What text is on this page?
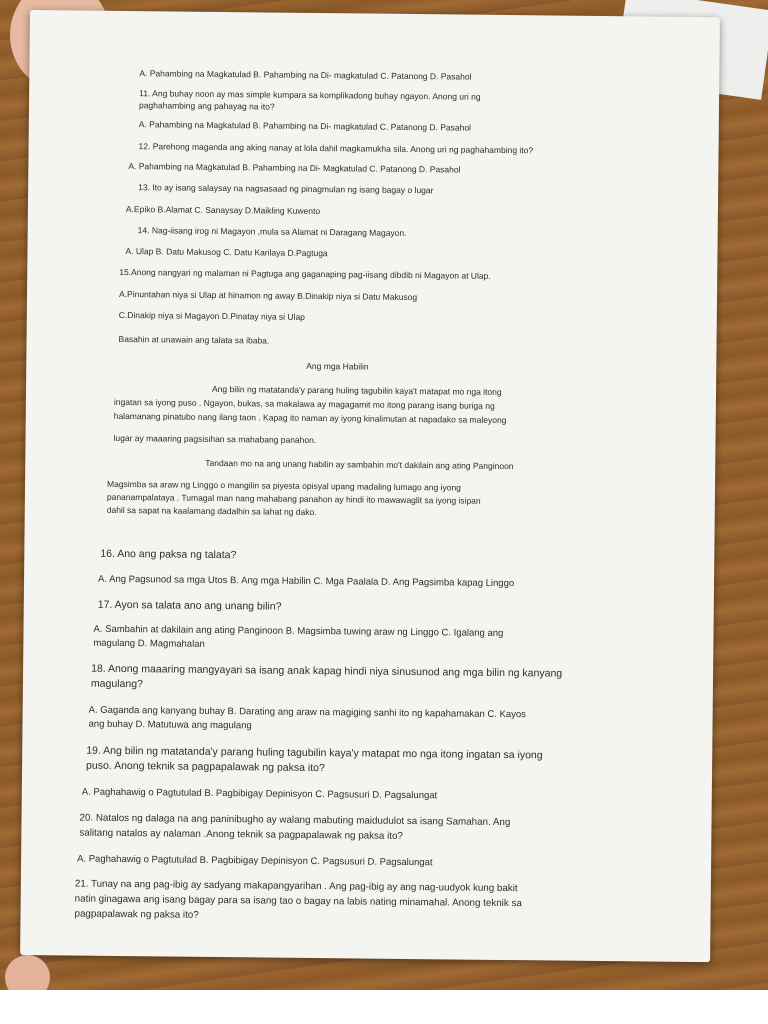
A. Pahambing na Magkatulad B. Pahambing na Di- magkatulad C. Patanong D. Pasahol
11. Ang buhay noon ay mas simple kumpara sa komplikadong buhay ngayon. Anong uri ng
paghahambing ang pahayag na ito?
A. Pahambing na Magkatulad B. Pahambing na Di- magkatulad C. Patanong D. Pasahol
12. Parehong maganda ang aking nanay at lola dahil magkamukha sila. Anong uri ng paghahambing ito?
A. Pahambing na Magkatulad B. Pahambing na Di- Magkatulad C. Patanong D. Pasahol
13. Ito ay isang salaysay na nagsasaad ng pinagmulan ng isang bagay o lugar
A.Epiko B.Alamat C. Sanaysay D.Maikling Kuwento
14. Nag-iisang irog ni Magayon ,mula sa Alamat ni Daragang Magayon.
A. Ulap B. Datu Makusog C. Datu Karilaya D.Pagtuga
15.Anong nangyari ng malaman ni Pagtuga ang gaganaping pag-iisang dibdib ni Magayon at Ulap.
A.Pinuntahan niya si Ulap at hinamon ng away B.Dinakip niya si Datu Makusog
C.Dinakip niya si Magayon D.Pinatay niya si Ulap
Basahin at unawain ang talata sa ibaba.
Ang mga Habilin
Ang bilin ng matatanda'y parang huling tagubilin kaya't matapat mo nga itong
ingatan sa iyong puso . Ngayon, bukas, sa makalawa ay magagamit mo itong parang isang buriga ng
halamanang pinatubo nang ilang taon . Kapag ito naman ay iyong kinalimutan at napadako sa maleyong
lugar ay maaaring pagsisihan sa mahabang panahon.
Tandaan mo na ang unang habilin ay sambahin mo't dakilain ang ating Panginoon
Magsimba sa araw ng Linggo o mangilin sa piyesta opisyal upang madaling lumago ang iyong
pananampalataya . Tumagal man nang mahabang panahon ay hindi ito mawawaglit sa iyong isipan
dahil sa sapat na kaalamang dadalhin sa lahat ng dako.
16. Ano ang paksa ng talata?
A. Ang Pagsunod sa mga Utos B. Ang mga Habilin C. Mga Paalala D. Ang Pagsimba kapag Linggo
17. Ayon sa talata ano ang unang bilin?
A. Sambahin at dakilain ang ating Panginoon B. Magsimba tuwing araw ng Linggo C. Igalang ang
magulang D. Magmahalan
18. Anong maaaring mangyayari sa isang anak kapag hindi niya sinusunod ang mga bilin ng kanyang
magulang?
A. Gaganda ang kanyang buhay B. Darating ang araw na magiging sanhi ito ng kapahamakan C. Kayos
ang buhay D. Matutuwa ang magulang
19. Ang bilin ng matatanda'y parang huling tagubilin kaya'y matapat mo nga itong ingatan sa iyong
puso. Anong teknik sa pagpapalawak ng paksa ito?
A. Paghahawig o Pagtutulad B. Pagbibigay Depinisyon C. Pagsusuri D. Pagsalungat
20. Natalos ng dalaga na ang paninibugho ay walang mabuting maidudulot sa isang Samahan. Ang
salitang natalos ay nalaman .Anong teknik sa pagpapalawak ng paksa ito?
A. Paghahawig o Pagtutulad B. Pagbibigay Depinisyon C. Pagsusuri D. Pagsalungat
21. Tunay na ang pag-ibig ay sadyang makapangyarihan . Ang pag-ibig ay ang nag-uudyok kung bakit
natin ginagawa ang isang bagay para sa isang tao o bagay na labis nating minamahal. Anong teknik sa
pagpapalawak ng paksa ito?
